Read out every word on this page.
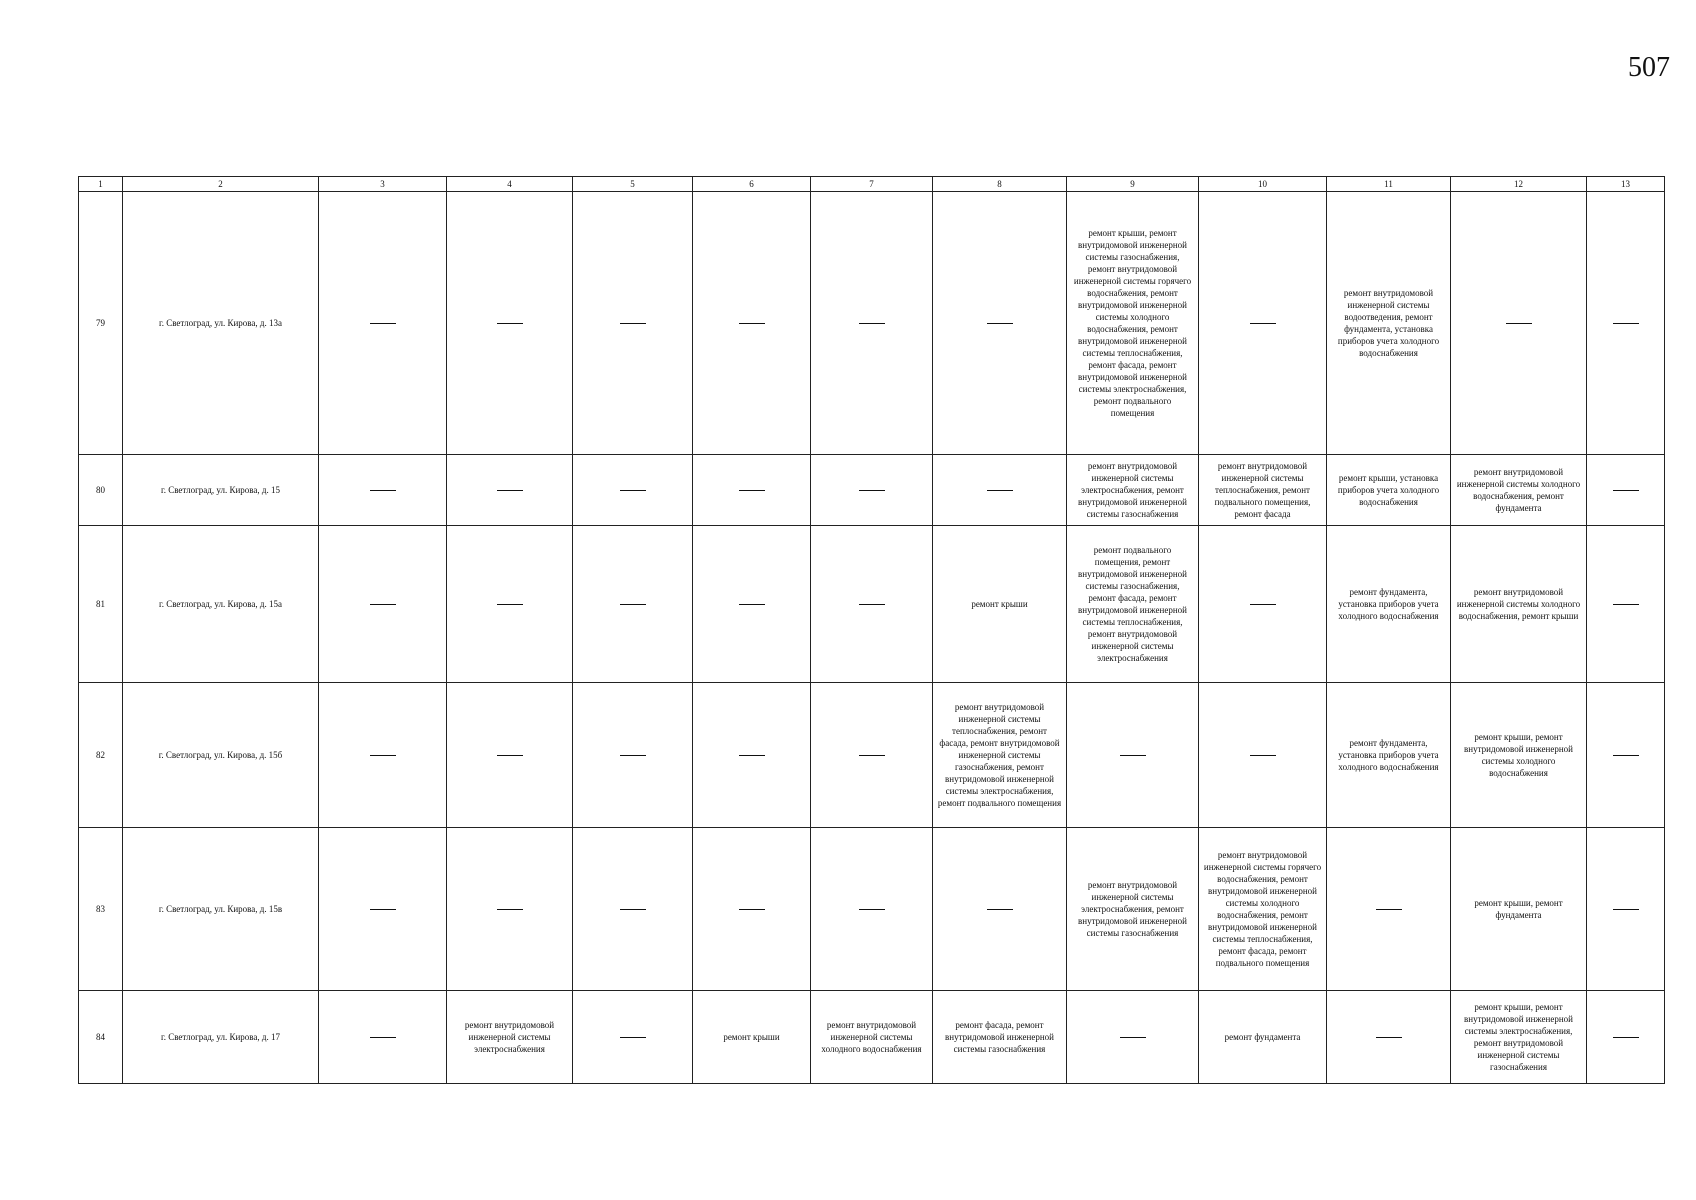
507
1	2	3	4	5	6	7	8	9	10	11	12	13
79	г. Светлоград, ул. Кирова, д. 13а							ремонт крыши, ремонт внутридомовой инженерной системы газоснабжения, ремонт внутридомовой инженерной системы горячего водоснабжения, ремонт внутридомовой инженерной системы холодного водоснабжения, ремонт внутридомовой инженерной системы теплоснабжения, ремонт фасада, ремонт внутридомовой инженерной системы электроснабжения, ремонт подвального помещения		ремонт внутридомовой инженерной системы водоотведения, ремонт фундамента, установка приборов учета холодного водоснабжения		
80	г. Светлоград, ул. Кирова, д. 15							ремонт внутридомовой инженерной системы электроснабжения, ремонт внутридомовой инженерной системы газоснабжения	ремонт внутридомовой инженерной системы теплоснабжения, ремонт подвального помещения, ремонт фасада	ремонт крыши, установка приборов учета холодного водоснабжения	ремонт внутридомовой инженерной системы холодного водоснабжения, ремонт фундамента	
81	г. Светлоград, ул. Кирова, д. 15а						ремонт крыши	ремонт подвального помещения, ремонт внутридомовой инженерной системы газоснабжения, ремонт фасада, ремонт внутридомовой инженерной системы теплоснабжения, ремонт внутридомовой инженерной системы электроснабжения		ремонт фундамента, установка приборов учета холодного водоснабжения	ремонт внутридомовой инженерной системы холодного водоснабжения, ремонт крыши	
82	г. Светлоград, ул. Кирова, д. 15б						ремонт внутридомовой инженерной системы теплоснабжения, ремонт фасада, ремонт внутридомовой инженерной системы газоснабжения, ремонт внутридомовой инженерной системы электроснабжения, ремонт подвального помещения			ремонт фундамента, установка приборов учета холодного водоснабжения	ремонт крыши, ремонт внутридомовой инженерной системы холодного водоснабжения	
83	г. Светлоград, ул. Кирова, д. 15в							ремонт внутридомовой инженерной системы электроснабжения, ремонт внутридомовой инженерной системы газоснабжения	ремонт внутридомовой инженерной системы горячего водоснабжения, ремонт внутридомовой инженерной системы холодного водоснабжения, ремонт внутридомовой инженерной системы теплоснабжения, ремонт фасада, ремонт подвального помещения		ремонт крыши, ремонт фундамента	
84	г. Светлоград, ул. Кирова, д. 17		ремонт внутридомовой инженерной системы электроснабжения		ремонт крыши	ремонт внутридомовой инженерной системы холодного водоснабжения	ремонт фасада, ремонт внутридомовой инженерной системы газоснабжения		ремонт фундамента		ремонт крыши, ремонт внутридомовой инженерной системы электроснабжения, ремонт внутридомовой инженерной системы газоснабжения	
